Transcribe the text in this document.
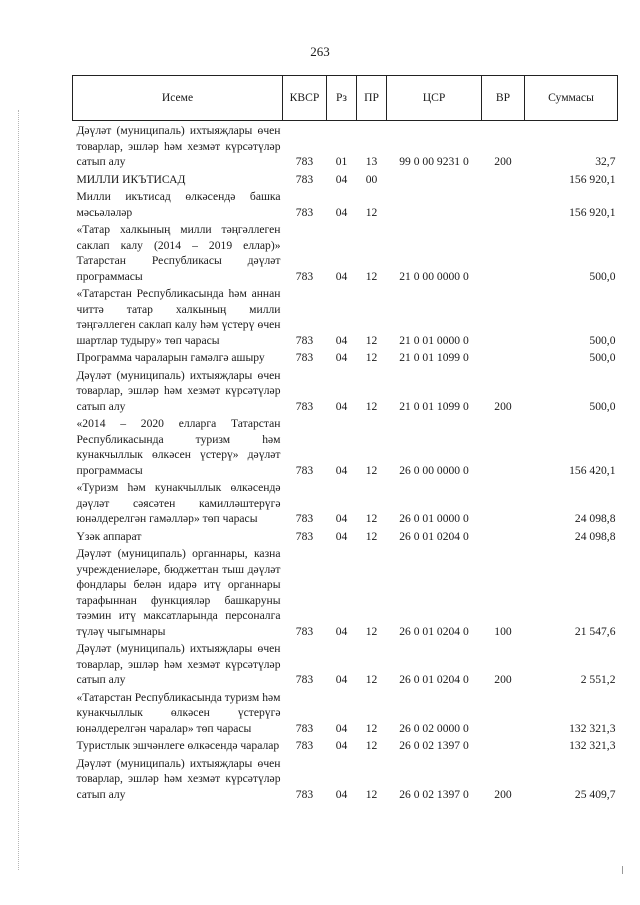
263
Исеме	КВСР	Рз	ПР	ЦСР	ВР	Суммасы
Дәүләт (муниципаль) ихтыяҗлары өчен товарлар, эшләр һәм хезмәт күрсәтүләр сатып алу	783	01	13	99 0 00 9231 0	200	32,7
МИЛЛИ ИКЪТИСАД	783	04	00			156 920,1
Милли икътисад өлкәсендә башка мәсьәләләр	783	04	12			156 920,1
«Татар халкының милли тәңгәллеген саклап калу (2014 – 2019 еллар)» Татарстан Республикасы дәүләт программасы	783	04	12	21 0 00 0000 0		500,0
«Татарстан Республикасында һәм аннан читтә татар халкының милли тәңгәллеген саклап калу һәм үстерү өчен шартлар тудыру» төп чарасы	783	04	12	21 0 01 0000 0		500,0
Программа чараларын гамәлгә ашыру	783	04	12	21 0 01 1099 0		500,0
Дәүләт (муниципаль) ихтыяҗлары өчен товарлар, эшләр һәм хезмәт күрсәтүләр сатып алу	783	04	12	21 0 01 1099 0	200	500,0
«2014 – 2020 елларга Татарстан Республикасында туризм һәм кунакчыллык өлкәсен үстерү» дәүләт программасы	783	04	12	26 0 00 0000 0		156 420,1
«Туризм һәм кунакчыллык өлкәсендә дәүләт сәясәтен камилләштерүгә юнәлдерелгән гамәлләр» төп чарасы	783	04	12	26 0 01 0000 0		24 098,8
Үзәк аппарат	783	04	12	26 0 01 0204 0		24 098,8
Дәүләт (муниципаль) органнары, казна учреждениеләре, бюджеттан тыш дәүләт фондлары белән идарә итү органнары тарафыннан функцияләр башкаруны тәэмин итү максатларында персоналга түләү чыгымнары	783	04	12	26 0 01 0204 0	100	21 547,6
Дәүләт (муниципаль) ихтыяҗлары өчен товарлар, эшләр һәм хезмәт күрсәтүләр сатып алу	783	04	12	26 0 01 0204 0	200	2 551,2
«Татарстан Республикасында туризм һәм кунакчыллык өлкәсен үстерүгә юнәлдерелгән чаралар» төп чарасы	783	04	12	26 0 02 0000 0		132 321,3
Туристлык эшчәнлеге өлкәсендә чаралар	783	04	12	26 0 02 1397 0		132 321,3
Дәүләт (муниципаль) ихтыяҗлары өчен товарлар, эшләр һәм хезмәт күрсәтүләр сатып алу	783	04	12	26 0 02 1397 0	200	25 409,7
